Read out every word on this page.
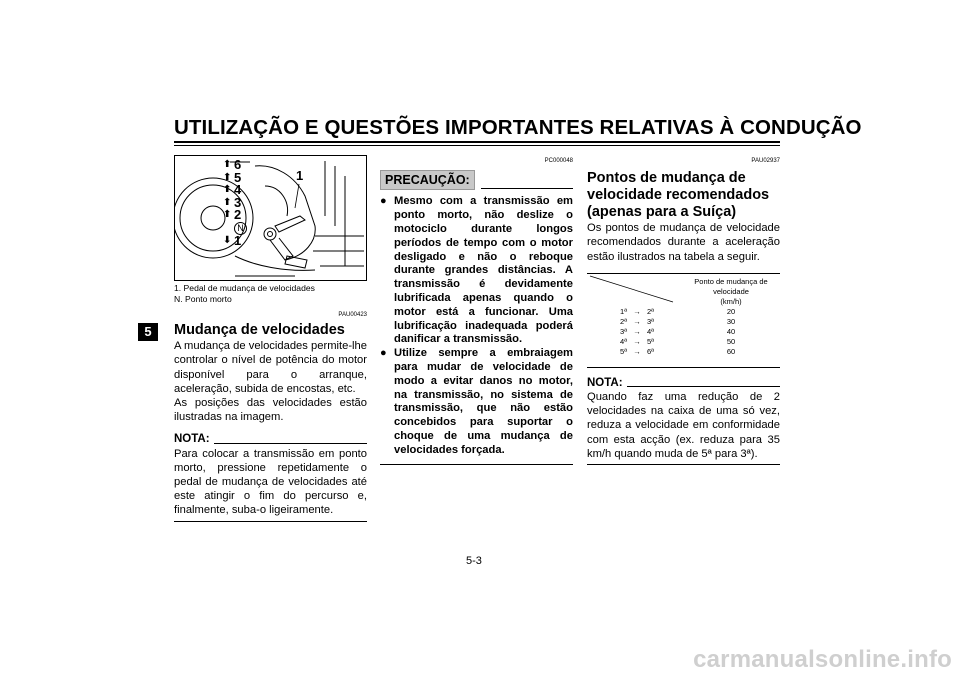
UTILIZAÇÃO E QUESTÕES IMPORTANTES RELATIVAS À CONDUÇÃO
5
⬆ 6
⬆ 5
⬆ 4
⬆ 3
⬆ 2
N
⬇ 1
1
1. Pedal de mudança de velocidades
N. Ponto morto
PAU00423
Mudança de velocidades

A mudança de velocidades permite-lhe controlar o nível de potência do motor disponível para o arranque, aceleração, subida de encostas, etc.

As posições das velocidades estão ilustradas na imagem.

NOTA:

Para colocar a transmissão em ponto morto, pressione repetidamente o pedal de mudança de velocidades até este atingir o fim do percurso e, finalmente, suba-o ligeiramente.

PC000048
PRECAUÇÃO:
● Mesmo com a transmissão em ponto morto, não deslize o motociclo durante longos períodos de tempo com o motor desligado e não o reboque durante grandes distâncias. A transmissão é devidamente lubrificada apenas quando o motor está a funcionar. Uma lubrificação inadequada poderá danificar a transmissão.
● Utilize sempre a embraiagem para mudar de velocidade de modo a evitar danos no motor, na transmissão, no sistema de transmissão, que não estão concebidos para suportar o choque de uma mudança de velocidades forçada.
PAU02937
Pontos de mudança de velocidade recomendados (apenas para a Suíça)

Os pontos de mudança de velocidade recomendados durante a aceleração estão ilustrados na tabela a seguir.

	Ponto de mudança de
velocidade
(km/h)

1ª → 2ª	20
2ª → 3ª	30
3ª → 4ª	40
4ª → 5ª	50
5ª → 6ª	60
NOTA:

Quando faz uma redução de 2 velocidades na caixa de uma só vez, reduza a velocidade em conformidade com esta acção (ex. reduza para 35 km/h quando muda de 5ª para 3ª).

5-3
carmanualsonline.info
